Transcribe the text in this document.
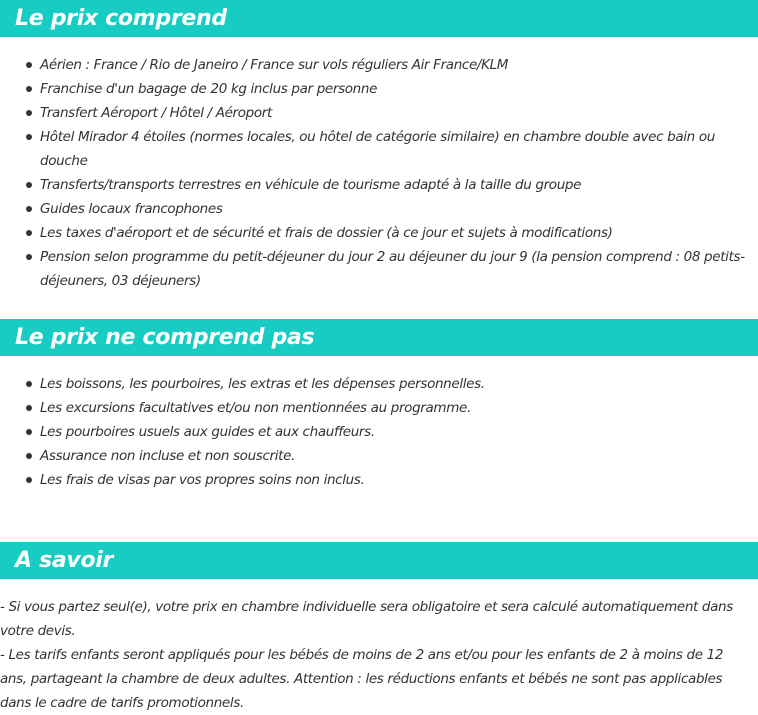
Le prix comprend
Aérien : France / Rio de Janeiro / France sur vols réguliers Air France/KLM
Franchise d'un bagage de 20 kg inclus par personne
Transfert Aéroport / Hôtel / Aéroport
Hôtel Mirador 4 étoiles (normes locales, ou hôtel de catégorie similaire) en chambre double avec bain ou douche
Transferts/transports terrestres en véhicule de tourisme adapté à la taille du groupe
Guides locaux francophones
Les taxes d'aéroport et de sécurité et frais de dossier (à ce jour et sujets à modifications)
Pension selon programme du petit-déjeuner du jour 2 au déjeuner du jour 9 (la pension comprend : 08 petits-déjeuners, 03 déjeuners)
Le prix ne comprend pas
Les boissons, les pourboires, les extras et les dépenses personnelles.
Les excursions facultatives et/ou non mentionnées au programme.
Les pourboires usuels aux guides et aux chauffeurs.
Assurance non incluse et non souscrite.
Les frais de visas par vos propres soins non inclus.
A savoir

- Si vous partez seul(e), votre prix en chambre individuelle sera obligatoire et sera calculé automatiquement dans votre devis.

- Les tarifs enfants seront appliqués pour les bébés de moins de 2 ans et/ou pour les enfants de 2 à moins de 12 ans, partageant la chambre de deux adultes. Attention : les réductions enfants et bébés ne sont pas applicables dans le cadre de tarifs promotionnels.
